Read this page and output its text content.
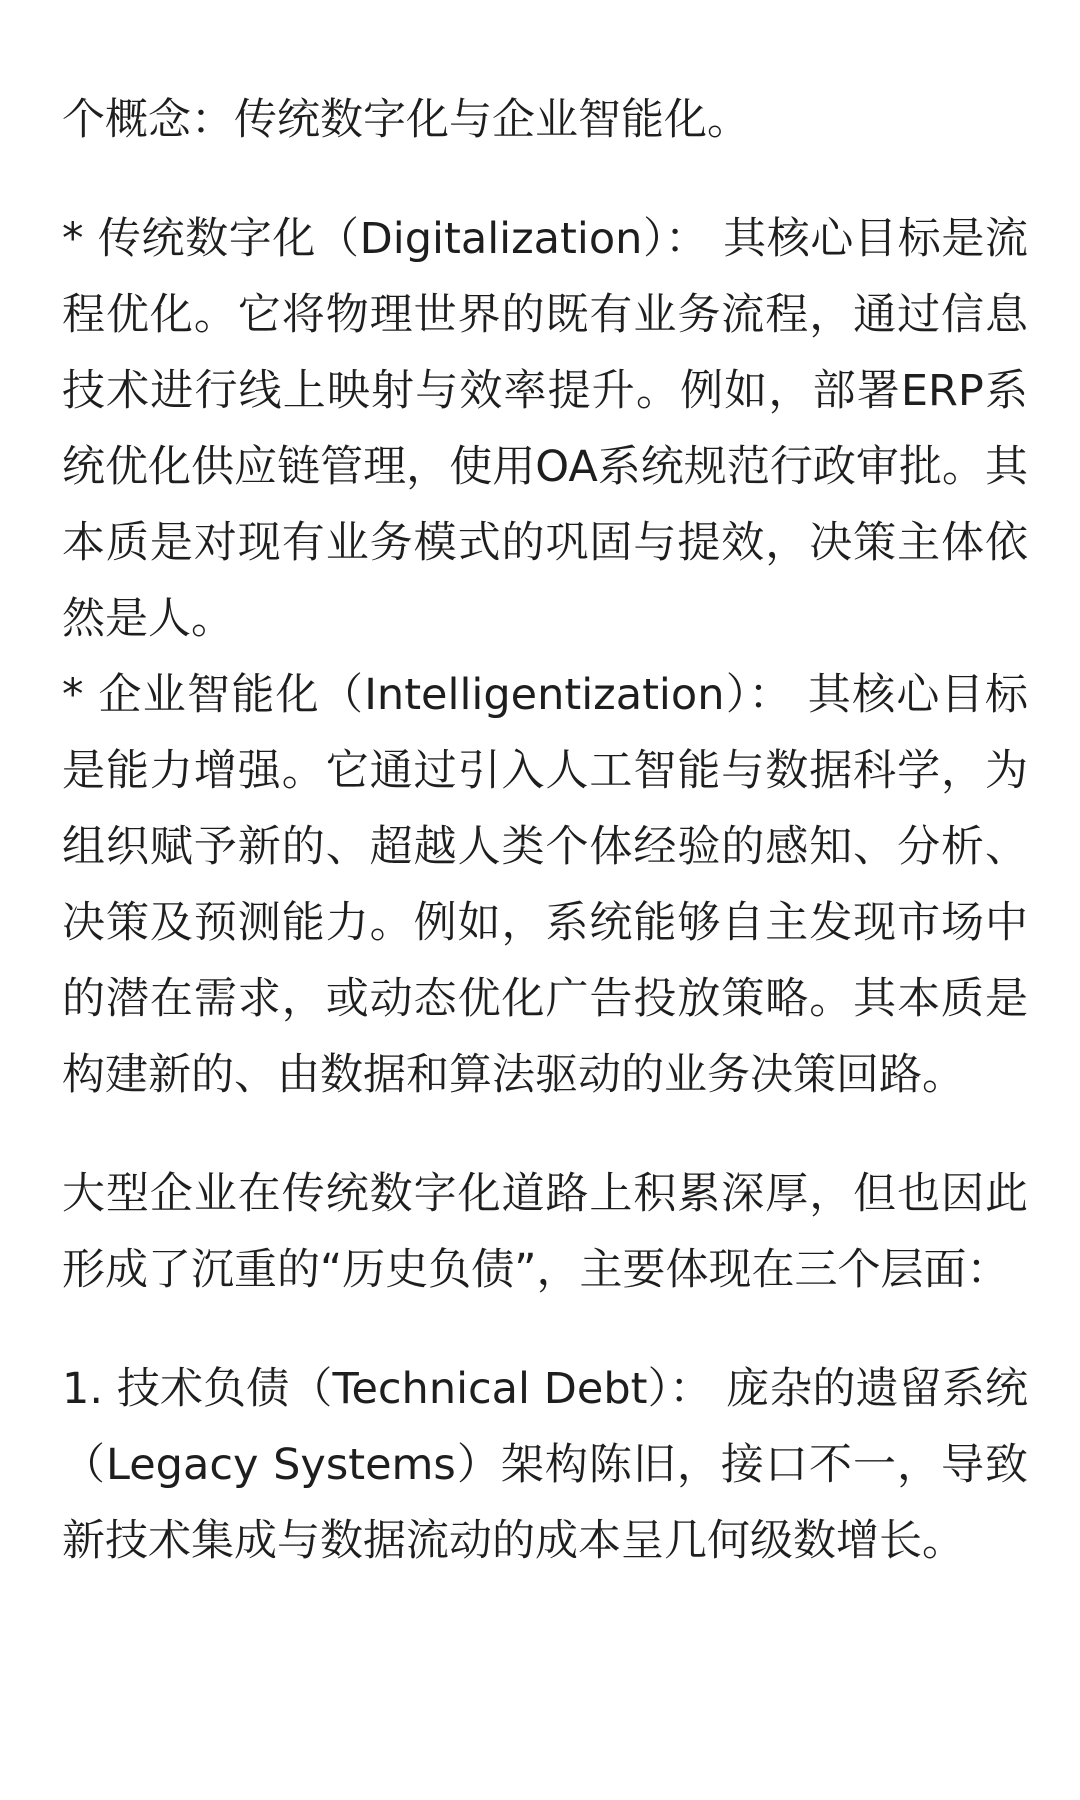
个概念：传统数字化与企业智能化。

* 传统数字化（Digitalization）： 其核心目标是流程优化。它将物理世界的既有业务流程，通过信息技术进行线上映射与效率提升。例如，部署ERP系统优化供应链管理，使用OA系统规范行政审批。其本质是对现有业务模式的巩固与提效，决策主体依然是人。

* 企业智能化（Intelligentization）： 其核心目标是能力增强。它通过引入人工智能与数据科学，为组织赋予新的、超越人类个体经验的感知、分析、决策及预测能力。例如，系统能够自主发现市场中的潜在需求，或动态优化广告投放策略。其本质是构建新的、由数据和算法驱动的业务决策回路。

大型企业在传统数字化道路上积累深厚，但也因此形成了沉重的“历史负债”，主要体现在三个层面：

1. 技术负债（Technical Debt）： 庞杂的遗留系统（Legacy Systems）架构陈旧，接口不一，导致新技术集成与数据流动的成本呈几何级数增长。
